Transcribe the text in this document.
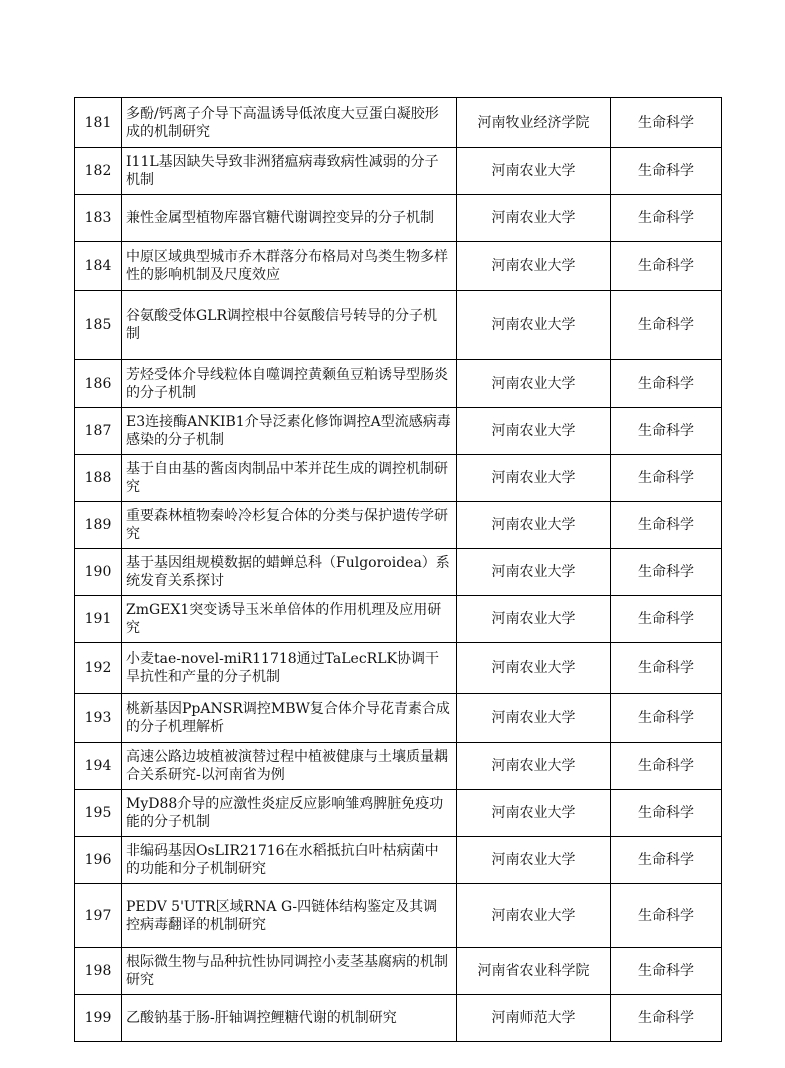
181	多酚/钙离子介导下高温诱导低浓度大豆蛋白凝胶形成的机制研究	河南牧业经济学院	生命科学
182	I11L基因缺失导致非洲猪瘟病毒致病性减弱的分子机制	河南农业大学	生命科学
183	兼性金属型植物库器官糖代谢调控变异的分子机制	河南农业大学	生命科学
184	中原区域典型城市乔木群落分布格局对鸟类生物多样性的影响机制及尺度效应	河南农业大学	生命科学
185	谷氨酸受体GLR调控根中谷氨酸信号转导的分子机制	河南农业大学	生命科学
186	芳烃受体介导线粒体自噬调控黄颡鱼豆粕诱导型肠炎的分子机制	河南农业大学	生命科学
187	E3连接酶ANKIB1介导泛素化修饰调控A型流感病毒感染的分子机制	河南农业大学	生命科学
188	基于自由基的酱卤肉制品中苯并芘生成的调控机制研究	河南农业大学	生命科学
189	重要森林植物秦岭冷杉复合体的分类与保护遗传学研究	河南农业大学	生命科学
190	基于基因组规模数据的蜡蝉总科（Fulgoroidea）系统发育关系探讨	河南农业大学	生命科学
191	ZmGEX1突变诱导玉米单倍体的作用机理及应用研究	河南农业大学	生命科学
192	小麦tae-novel-miR11718通过TaLecRLK协调干旱抗性和产量的分子机制	河南农业大学	生命科学
193	桃新基因PpANSR调控MBW复合体介导花青素合成的分子机理解析	河南农业大学	生命科学
194	高速公路边坡植被演替过程中植被健康与土壤质量耦合关系研究-以河南省为例	河南农业大学	生命科学
195	MyD88介导的应激性炎症反应影响雏鸡脾脏免疫功能的分子机制	河南农业大学	生命科学
196	非编码基因OsLIR21716在水稻抵抗白叶枯病菌中的功能和分子机制研究	河南农业大学	生命科学
197	PEDV 5'UTR区域RNA G-四链体结构鉴定及其调控病毒翻译的机制研究	河南农业大学	生命科学
198	根际微生物与品种抗性协同调控小麦茎基腐病的机制研究	河南省农业科学院	生命科学
199	乙酸钠基于肠-肝轴调控鲤糖代谢的机制研究	河南师范大学	生命科学
